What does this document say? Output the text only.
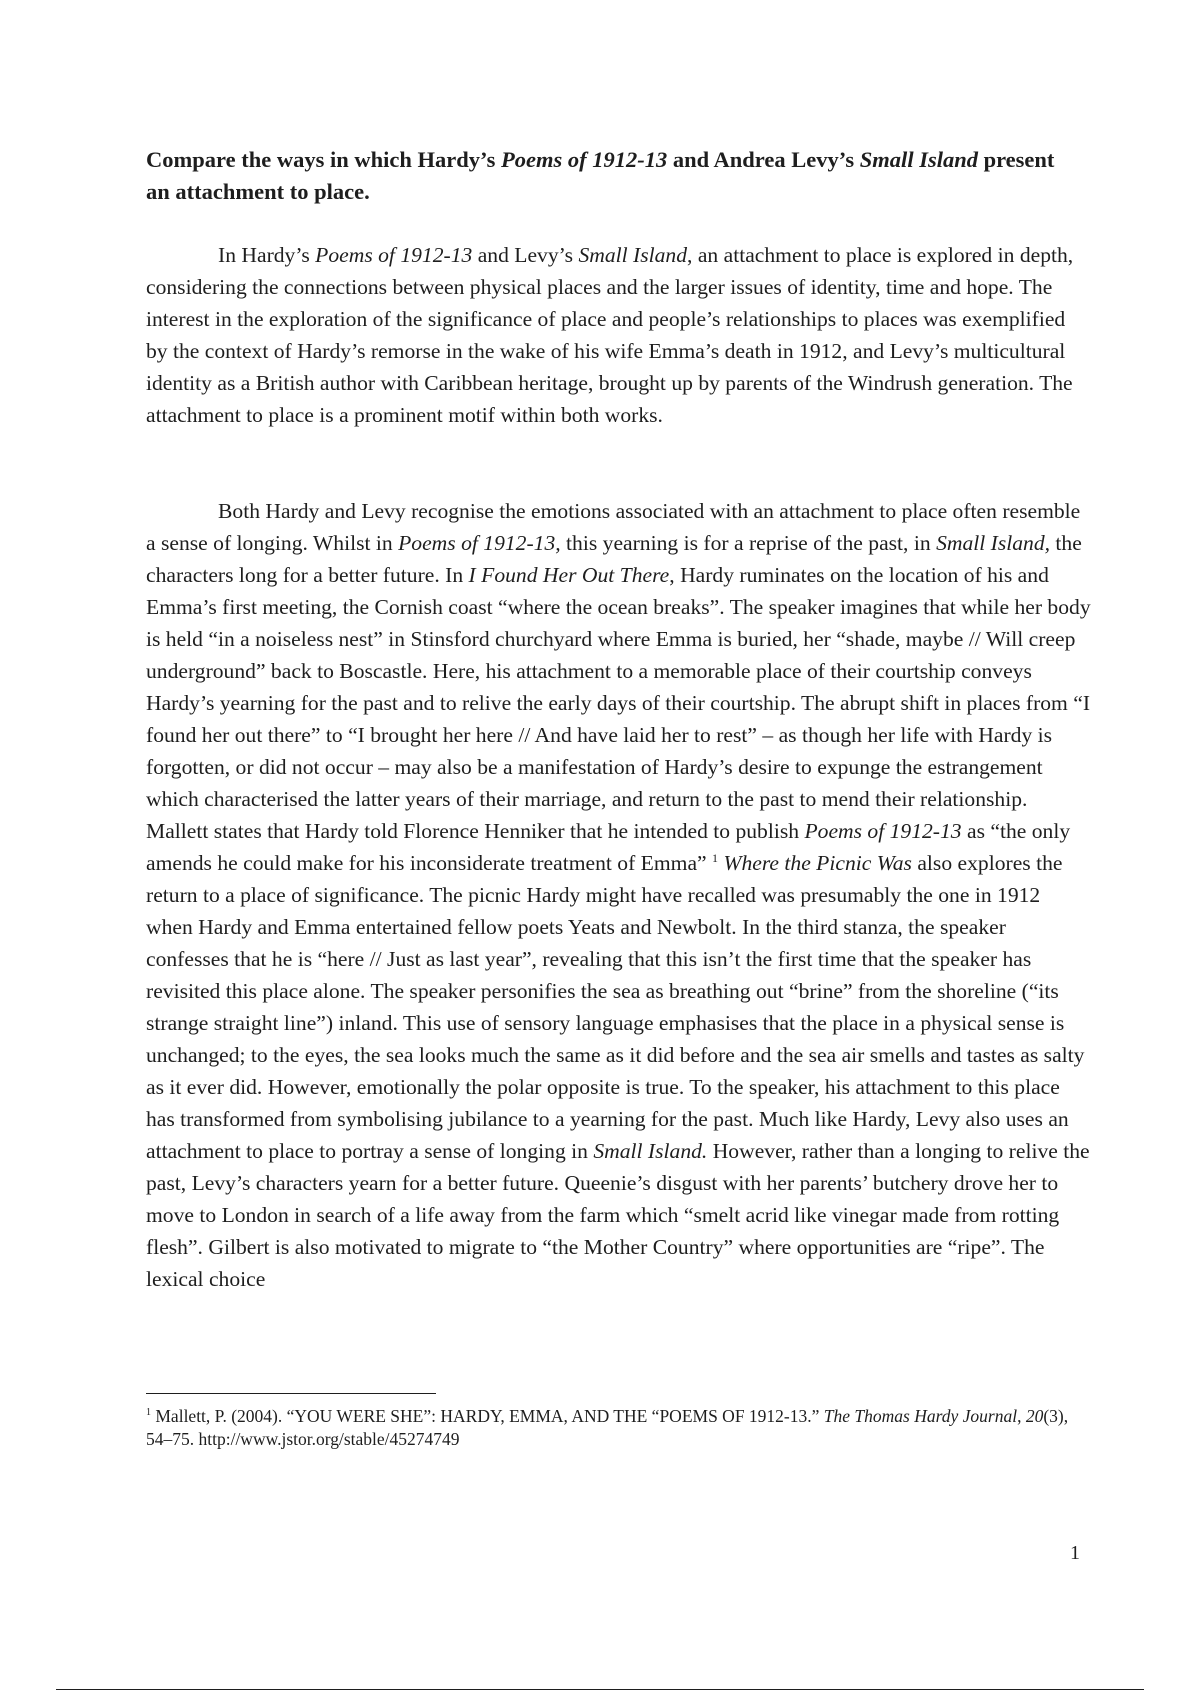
Compare the ways in which Hardy’s Poems of 1912-13 and Andrea Levy’s Small Island present an attachment to place.

In Hardy’s Poems of 1912-13 and Levy’s Small Island, an attachment to place is explored in depth, considering the connections between physical places and the larger issues of identity, time and hope. The interest in the exploration of the significance of place and people’s relationships to places was exemplified by the context of Hardy’s remorse in the wake of his wife Emma’s death in 1912, and Levy’s multicultural identity as a British author with Caribbean heritage, brought up by parents of the Windrush generation. The attachment to place is a prominent motif within both works.

Both Hardy and Levy recognise the emotions associated with an attachment to place often resemble a sense of longing. Whilst in Poems of 1912-13, this yearning is for a reprise of the past, in Small Island, the characters long for a better future. In I Found Her Out There, Hardy ruminates on the location of his and Emma’s first meeting, the Cornish coast “where the ocean breaks”. The speaker imagines that while her body is held “in a noiseless nest” in Stinsford churchyard where Emma is buried, her “shade, maybe // Will creep underground” back to Boscastle. Here, his attachment to a memorable place of their courtship conveys Hardy’s yearning for the past and to relive the early days of their courtship. The abrupt shift in places from “I found her out there” to “I brought her here // And have laid her to rest” – as though her life with Hardy is forgotten, or did not occur – may also be a manifestation of Hardy’s desire to expunge the estrangement which characterised the latter years of their marriage, and return to the past to mend their relationship. Mallett states that Hardy told Florence Henniker that he intended to publish Poems of 1912-13 as “the only amends he could make for his inconsiderate treatment of Emma” $^1$ Where the Picnic Was also explores the return to a place of significance. The picnic Hardy might have recalled was presumably the one in 1912 when Hardy and Emma entertained fellow poets Yeats and Newbolt. In the third stanza, the speaker confesses that he is “here // Just as last year”, revealing that this isn’t the first time that the speaker has revisited this place alone. The speaker personifies the sea as breathing out “brine” from the shoreline (“its strange straight line”) inland. This use of sensory language emphasises that the place in a physical sense is unchanged; to the eyes, the sea looks much the same as it did before and the sea air smells and tastes as salty as it ever did. However, emotionally the polar opposite is true. To the speaker, his attachment to this place has transformed from symbolising jubilance to a yearning for the past. Much like Hardy, Levy also uses an attachment to place to portray a sense of longing in Small Island. However, rather than a longing to relive the past, Levy’s characters yearn for a better future. Queenie’s disgust with her parents’ butchery drove her to move to London in search of a life away from the farm which “smelt acrid like vinegar made from rotting flesh”. Gilbert is also motivated to migrate to “the Mother Country” where opportunities are “ripe”. The lexical choice

$^1$ Mallett, P. (2004). “YOU WERE SHE”: HARDY, EMMA, AND THE “POEMS OF 1912-13.” The Thomas Hardy Journal, 20(3), 54–75. http://www.jstor.org/stable/45274749

1
